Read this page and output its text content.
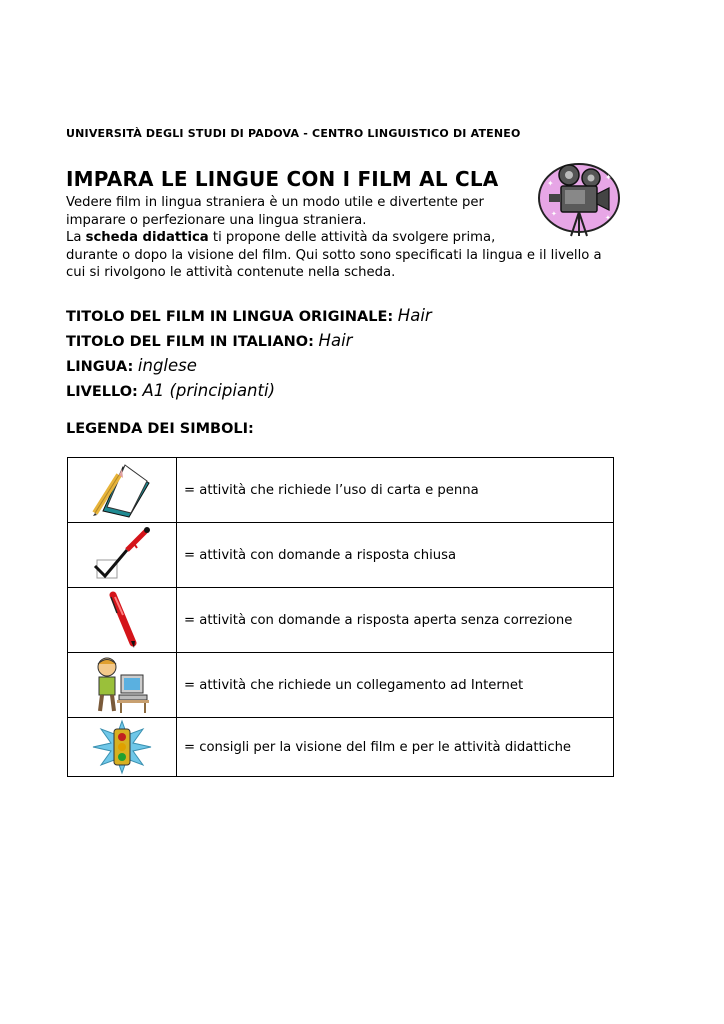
UNIVERSITÀ DEGLI STUDI DI PADOVA - CENTRO LINGUISTICO DI ATENEO
IMPARA LE LINGUE CON I FILM AL CLA	✦
✦
✦	✦
Vedere film in lingua straniera è un modo utile e divertente per
imparare o perfezionare una lingua straniera.
La scheda didattica ti propone delle attività da svolgere prima,
durante o dopo la visione del film. Qui sotto sono specificati la lingua e il livello a
cui si rivolgono le attività contenute nella scheda.
TITOLO DEL FILM IN LINGUA ORIGINALE: Hair
TITOLO DEL FILM IN ITALIANO: Hair
LINGUA: inglese
LIVELLO: A1 (principianti)
LEGENDA DEI SIMBOLI:
	= attività che richiede l’uso di carta e penna

	= attività con domande a risposta chiusa

	= attività con domande a risposta aperta senza correzione

	= attività che richiede un collegamento ad Internet

	= consigli per la visione del film e per le attività didattiche
